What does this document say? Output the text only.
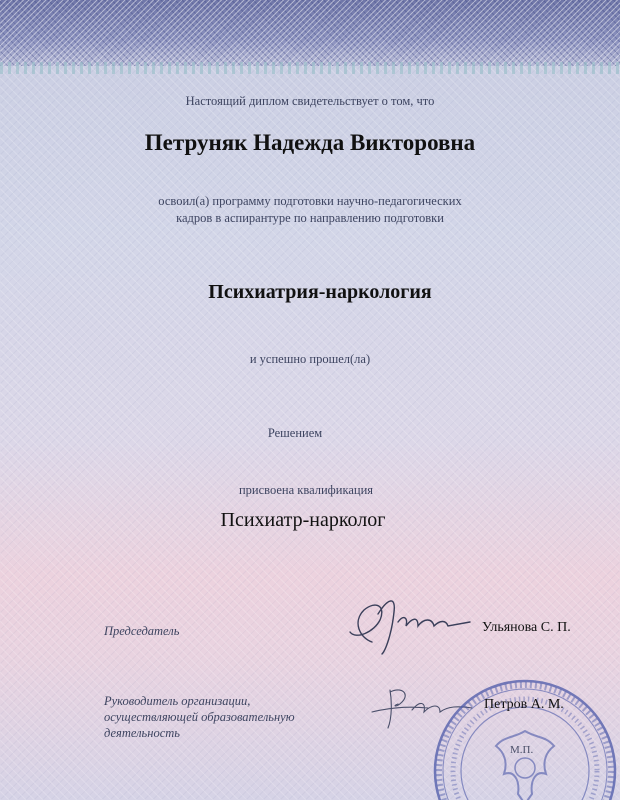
Настоящий диплом свидетельствует о том, что
Петруняк Надежда Викторовна
освоил(а) программу подготовки научно-педагогических
кадров в аспирантуре по направлению подготовки
Психиатрия-наркология
и успешно прошел(ла)
Решением
присвоена квалификация
Психиатр-нарколог
Председатель	Ульянова С. П.
Руководитель организации,
осуществляющей образовательную
деятельность
Петров А. М.
М.П.
